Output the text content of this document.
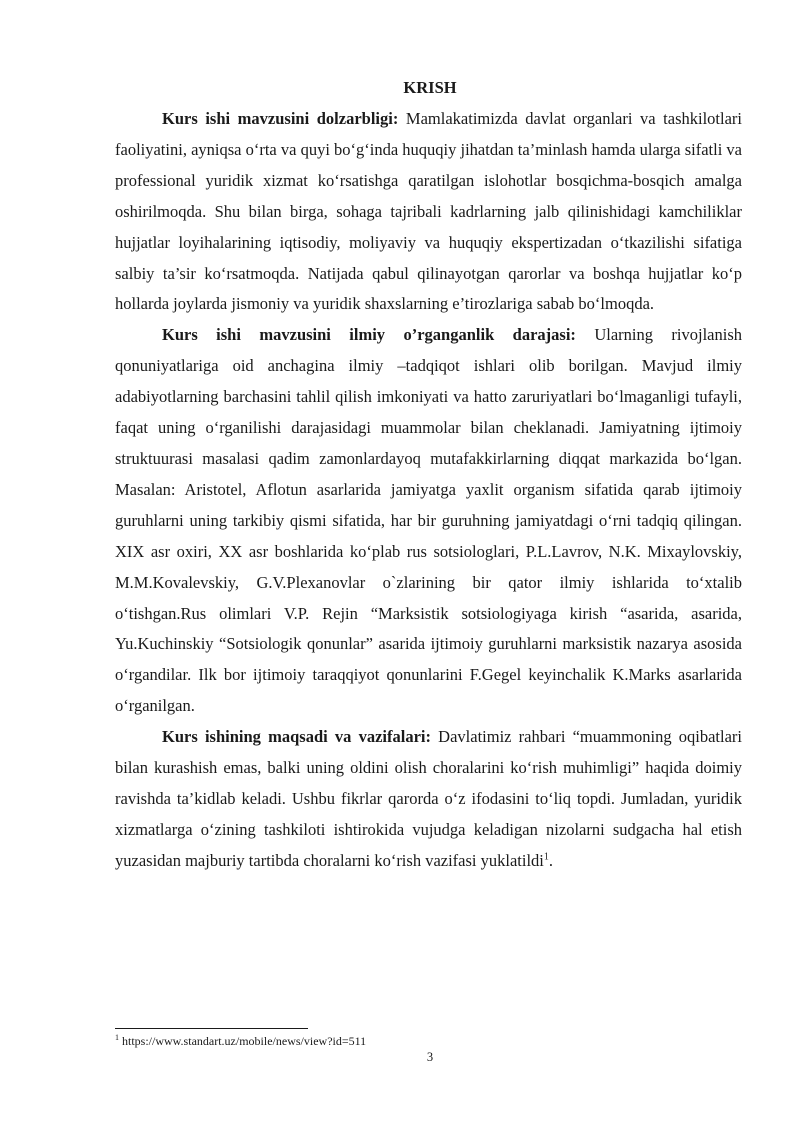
KRISH

Kurs ishi mavzusini dolzarbligi: Mamlakatimizda davlat organlari va tashkilotlari faoliyatini, ayniqsa o‘rta va quyi bo‘g‘inda huquqiy jihatdan ta’minlash hamda ularga sifatli va professional yuridik xizmat ko‘rsatishga qaratilgan islohotlar bosqichma-bosqich amalga oshirilmoqda. Shu bilan birga, sohaga tajribali kadrlarning jalb qilinishidagi kamchiliklar hujjatlar loyihalarining iqtisodiy, moliyaviy va huquqiy ekspertizadan o‘tkazilishi sifatiga salbiy ta’sir ko‘rsatmoqda. Natijada qabul qilinayotgan qarorlar va boshqa hujjatlar ko‘p hollarda joylarda jismoniy va yuridik shaxslarning e’tirozlariga sabab bo‘lmoqda.

Kurs ishi mavzusini ilmiy o’rganganlik darajasi: Ularning rivojlanish qonuniyatlariga oid anchagina ilmiy –tadqiqot ishlari olib borilgan. Mavjud ilmiy adabiyotlarning barchasini tahlil qilish imkoniyati va hatto zaruriyatlari bo‘lmaganligi tufayli, faqat uning o‘rganilishi darajasidagi muammolar bilan cheklanadi. Jamiyatning ijtimoiy struktuurasi masalasi qadim zamonlardayoq mutafakkirlarning diqqat markazida bo‘lgan. Masalan: Aristotel, Aflotun asarlarida jamiyatga yaxlit organism sifatida qarab ijtimoiy guruhlarni uning tarkibiy qismi sifatida, har bir guruhning jamiyatdagi o‘rni tadqiq qilingan. XIX asr oxiri, XX asr boshlarida ko‘plab rus sotsiologlari, P.L.Lavrov, N.K. Mixaylovskiy, M.M.Kovalevskiy, G.V.Plexanovlar o`zlarining bir qator ilmiy ishlarida to‘xtalib o‘tishgan.Rus olimlari V.P. Rejin “Marksistik sotsiologiyaga kirish “asarida, asarida, Yu.Kuchinskiy “Sotsiologik qonunlar” asarida ijtimoiy guruhlarni marksistik nazarya asosida o‘rgandilar. Ilk bor ijtimoiy taraqqiyot qonunlarini F.Gegel keyinchalik K.Marks asarlarida o‘rganilgan.

Kurs ishining maqsadi va vazifalari: Davlatimiz rahbari “muammoning oqibatlari bilan kurashish emas, balki uning oldini olish choralarini ko‘rish muhimligi” haqida doimiy ravishda ta’kidlab keladi. Ushbu fikrlar qarorda o‘z ifodasini to‘liq topdi. Jumladan, yuridik xizmatlarga o‘zining tashkiloti ishtirokida vujudga keladigan nizolarni sudgacha hal etish yuzasidan majburiy tartibda choralarni ko‘rish vazifasi yuklatildi$^1$.

$^1$ https://www.standart.uz/mobile/news/view?id=511
3
